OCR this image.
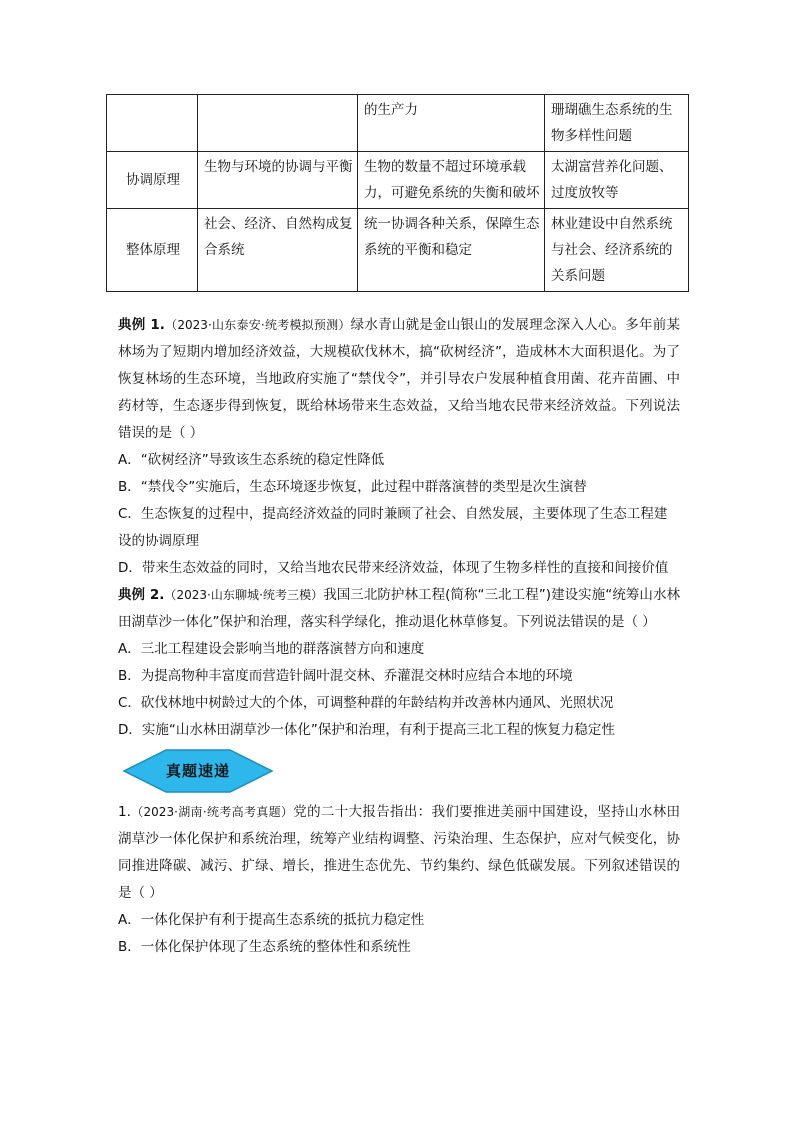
		的生产力	珊瑚礁生态系统的生物多样性问题
协调原理	生物与环境的协调与平衡	生物的数量不超过环境承载力，可避免系统的失衡和破坏	太湖富营养化问题、过度放牧等
整体原理	社会、经济、自然构成复合系统	统一协调各种关系，保障生态系统的平衡和稳定	林业建设中自然系统与社会、经济系统的关系问题

典例 1.（2023·山东泰安·统考模拟预测）绿水青山就是金山银山的发展理念深入人心。多年前某林场为了短期内增加经济效益，大规模砍伐林木，搞“砍树经济”，造成林木大面积退化。为了恢复林场的生态环境，当地政府实施了“禁伐令”，并引导农户发展种植食用菌、花卉苗圃、中药材等，生态逐步得到恢复，既给林场带来生态效益，又给当地农民带来经济效益。下列说法错误的是（ ）

A．“砍树经济”导致该生态系统的稳定性降低

B．“禁伐令”实施后，生态环境逐步恢复，此过程中群落演替的类型是次生演替

C．生态恢复的过程中，提高经济效益的同时兼顾了社会、自然发展，主要体现了生态工程建设的协调原理

D．带来生态效益的同时，又给当地农民带来经济效益，体现了生物多样性的直接和间接价值

典例 2.（2023·山东聊城·统考三模）我国三北防护林工程(简称“三北工程”)建设实施“统筹山水林田湖草沙一体化”保护和治理，落实科学绿化，推动退化林草修复。下列说法错误的是（ ）

A．三北工程建设会影响当地的群落演替方向和速度

B．为提高物种丰富度而营造针阔叶混交林、乔灌混交林时应结合本地的环境

C．砍伐林地中树龄过大的个体，可调整种群的年龄结构并改善林内通风、光照状况

D．实施“山水林田湖草沙一体化”保护和治理，有利于提高三北工程的恢复力稳定性

真题速递

1.（2023·湖南·统考高考真题）党的二十大报告指出：我们要推进美丽中国建设，坚持山水林田湖草沙一体化保护和系统治理，统筹产业结构调整、污染治理、生态保护，应对气候变化，协同推进降碳、减污、扩绿、增长，推进生态优先、节约集约、绿色低碳发展。下列叙述错误的是（ ）

A．一体化保护有利于提高生态系统的抵抗力稳定性

B．一体化保护体现了生态系统的整体性和系统性
